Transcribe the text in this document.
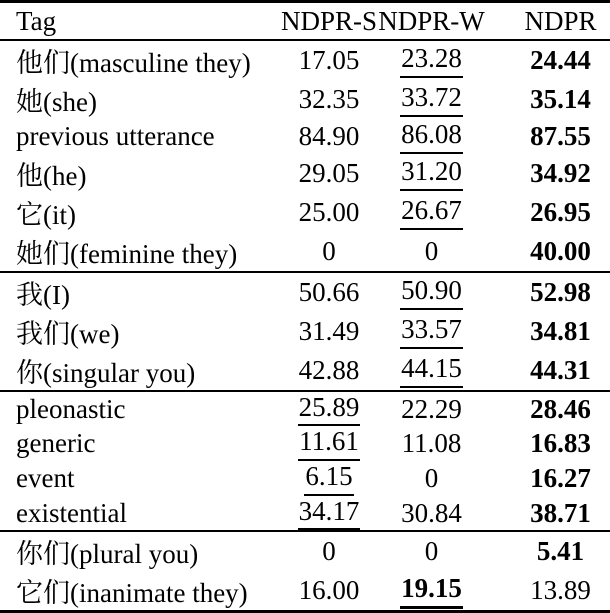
Tag	NDPR-S	NDPR-W	NDPR
他们(masculine they)	17.05	23.28	24.44
她(she)	32.35	33.72	35.14
previous utterance	84.90	86.08	87.55
他(he)	29.05	31.20	34.92
它(it)	25.00	26.67	26.95
她们(feminine they)	0	0	40.00
我(I)	50.66	50.90	52.98
我们(we)	31.49	33.57	34.81
你(singular you)	42.88	44.15	44.31
pleonastic	25.89	22.29	28.46
generic	11.61	11.08	16.83
event	6.15	0	16.27
existential	34.17	30.84	38.71
你们(plural you)	0	0	5.41
它们(inanimate they)	16.00	19.15	13.89
